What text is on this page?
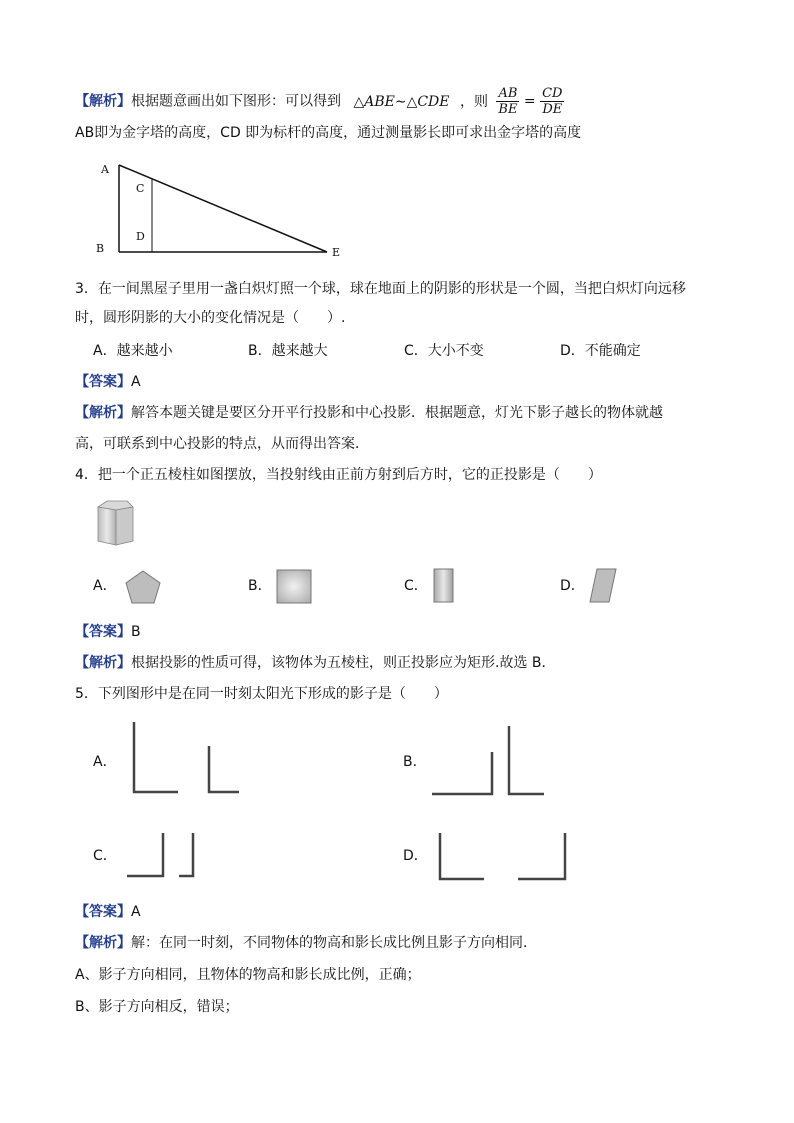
【解析】根据题意画出如下图形：可以得到 △ABE∼△CDE ，则 $\frac{AB}{BE} = \frac{CD}{DE}$
AB即为金字塔的高度，CD 即为标杆的高度，通过测量影长即可求出金字塔的高度
A
B
C
D
E
3．在一间黑屋子里用一盏白炽灯照一个球，球在地面上的阴影的形状是一个圆，当把白炽灯向远移
时，圆形阴影的大小的变化情况是（　　）.
A．越来越小	B．越来越大	C．大小不变	D．不能确定
【答案】A
【解析】解答本题关键是要区分开平行投影和中心投影．根据题意，灯光下影子越长的物体就越
高，可联系到中心投影的特点，从而得出答案．
4．把一个正五棱柱如图摆放，当投射线由正前方射到后方时，它的正投影是（　　）
A．	B．	C．	D．
【答案】B
【解析】根据投影的性质可得，该物体为五棱柱，则正投影应为矩形.故选 B．
5．下列图形中是在同一时刻太阳光下形成的影子是（　　）
A．	B．
C．	D．
【答案】A
【解析】解：在同一时刻，不同物体的物高和影长成比例且影子方向相同．
A、影子方向相同，且物体的物高和影长成比例，正确；
B、影子方向相反，错误；
